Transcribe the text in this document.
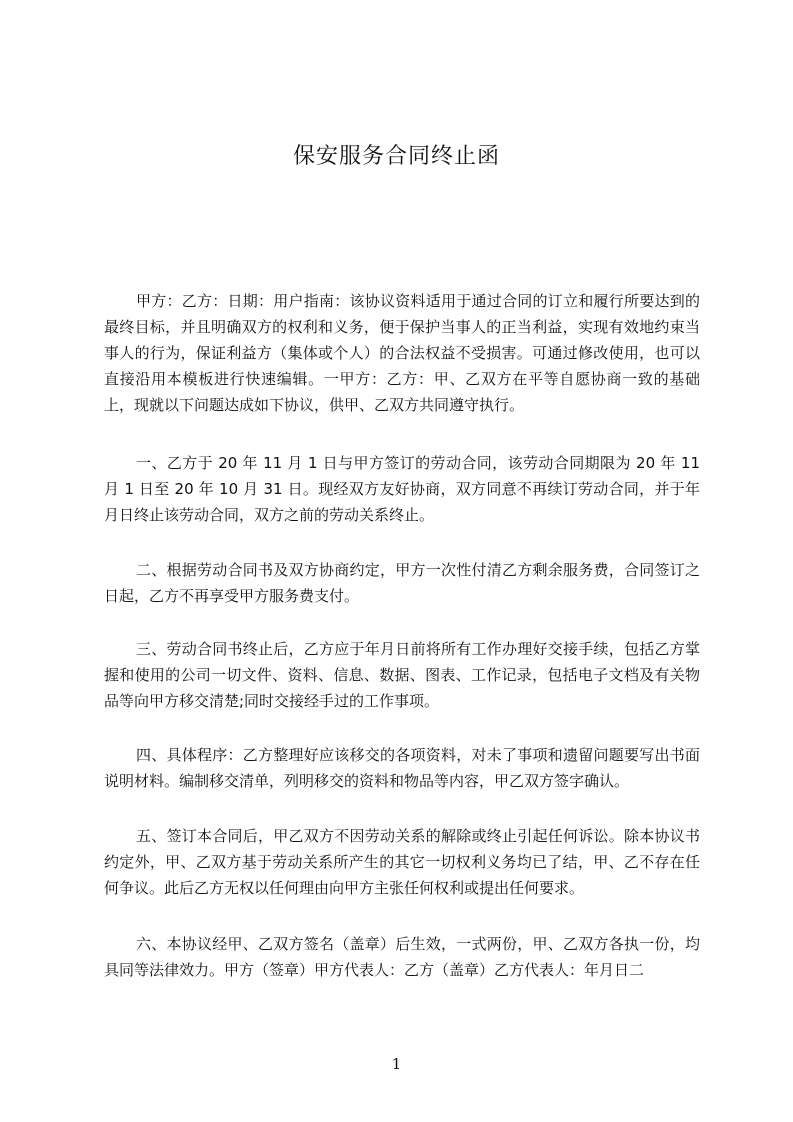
保安服务合同终止函

甲方：乙方：日期：用户指南：该协议资料适用于通过合同的订立和履行所要达到的最终目标，并且明确双方的权利和义务，便于保护当事人的正当利益，实现有效地约束当事人的行为，保证利益方（集体或个人）的合法权益不受损害。可通过修改使用，也可以直接沿用本模板进行快速编辑。一甲方：乙方：甲、乙双方在平等自愿协商一致的基础上，现就以下问题达成如下协议，供甲、乙双方共同遵守执行。

一、乙方于 20 年 11 月 1 日与甲方签订的劳动合同，该劳动合同期限为 20 年 11 月 1 日至 20 年 10 月 31 日。现经双方友好协商，双方同意不再续订劳动合同，并于年月日终止该劳动合同，双方之前的劳动关系终止。

二、根据劳动合同书及双方协商约定，甲方一次性付清乙方剩余服务费，合同签订之日起，乙方不再享受甲方服务费支付。

三、劳动合同书终止后，乙方应于年月日前将所有工作办理好交接手续，包括乙方掌握和使用的公司一切文件、资料、信息、数据、图表、工作记录，包括电子文档及有关物品等向甲方移交清楚;同时交接经手过的工作事项。

四、具体程序：乙方整理好应该移交的各项资料，对未了事项和遗留问题要写出书面说明材料。编制移交清单，列明移交的资料和物品等内容，甲乙双方签字确认。

五、签订本合同后，甲乙双方不因劳动关系的解除或终止引起任何诉讼。除本协议书约定外，甲、乙双方基于劳动关系所产生的其它一切权利义务均已了结，甲、乙不存在任何争议。此后乙方无权以任何理由向甲方主张任何权利或提出任何要求。

六、本协议经甲、乙双方签名（盖章）后生效，一式两份，甲、乙双方各执一份，均具同等法律效力。甲方（签章）甲方代表人：乙方（盖章）乙方代表人：年月日二

1
